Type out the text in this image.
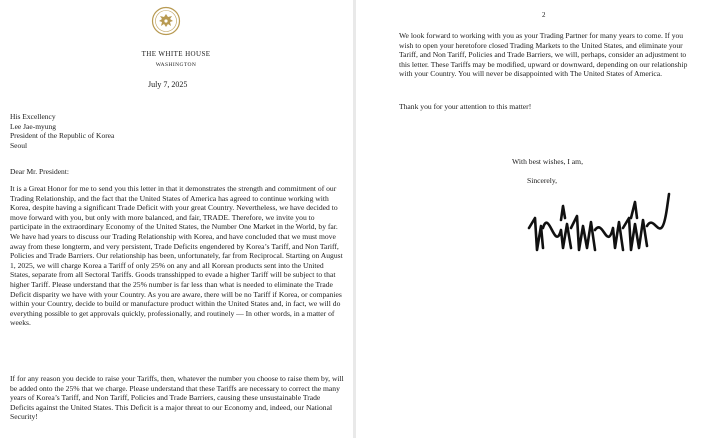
THE WHITE HOUSE
WASHINGTON
July 7, 2025
His Excellency
Lee Jae-myung
President of the Republic of Korea
Seoul
Dear Mr. President:

It is a Great Honor for me to send you this letter in that it demonstrates the strength and commitment of our Trading Relationship, and the fact that the United States of America has agreed to continue working with Korea, despite having a significant Trade Deficit with your great Country. Nevertheless, we have decided to move forward with you, but only with more balanced, and fair, TRADE. Therefore, we invite you to participate in the extraordinary Economy of the United States, the Number One Market in the World, by far. We have had years to discuss our Trading Relationship with Korea, and have concluded that we must move away from these longterm, and very persistent, Trade Deficits engendered by Korea’s Tariff, and Non Tariff, Policies and Trade Barriers. Our relationship has been, unfortunately, far from Reciprocal. Starting on August 1, 2025, we will charge Korea a Tariff of only 25% on any and all Korean products sent into the United States, separate from all Sectoral Tariffs. Goods transshipped to evade a higher Tariff will be subject to that higher Tariff. Please understand that the 25% number is far less than what is needed to eliminate the Trade Deficit disparity we have with your Country. As you are aware, there will be no Tariff if Korea, or companies within your Country, decide to build or manufacture product within the United States and, in fact, we will do everything possible to get approvals quickly, professionally, and routinely — In other words, in a matter of weeks.

If for any reason you decide to raise your Tariffs, then, whatever the number you choose to raise them by, will be added onto the 25% that we charge. Please understand that these Tariffs are necessary to correct the many years of Korea’s Tariff, and Non Tariff, Policies and Trade Barriers, causing these unsustainable Trade Deficits against the United States. This Deficit is a major threat to our Economy and, indeed, our National Security!

2

We look forward to working with you as your Trading Partner for many years to come. If you wish to open your heretofore closed Trading Markets to the United States, and eliminate your Tariff, and Non Tariff, Policies and Trade Barriers, we will, perhaps, consider an adjustment to this letter. These Tariffs may be modified, upward or downward, depending on our relationship with your Country. You will never be disappointed with The United States of America.

Thank you for your attention to this matter!
With best wishes, I am,
Sincerely,
